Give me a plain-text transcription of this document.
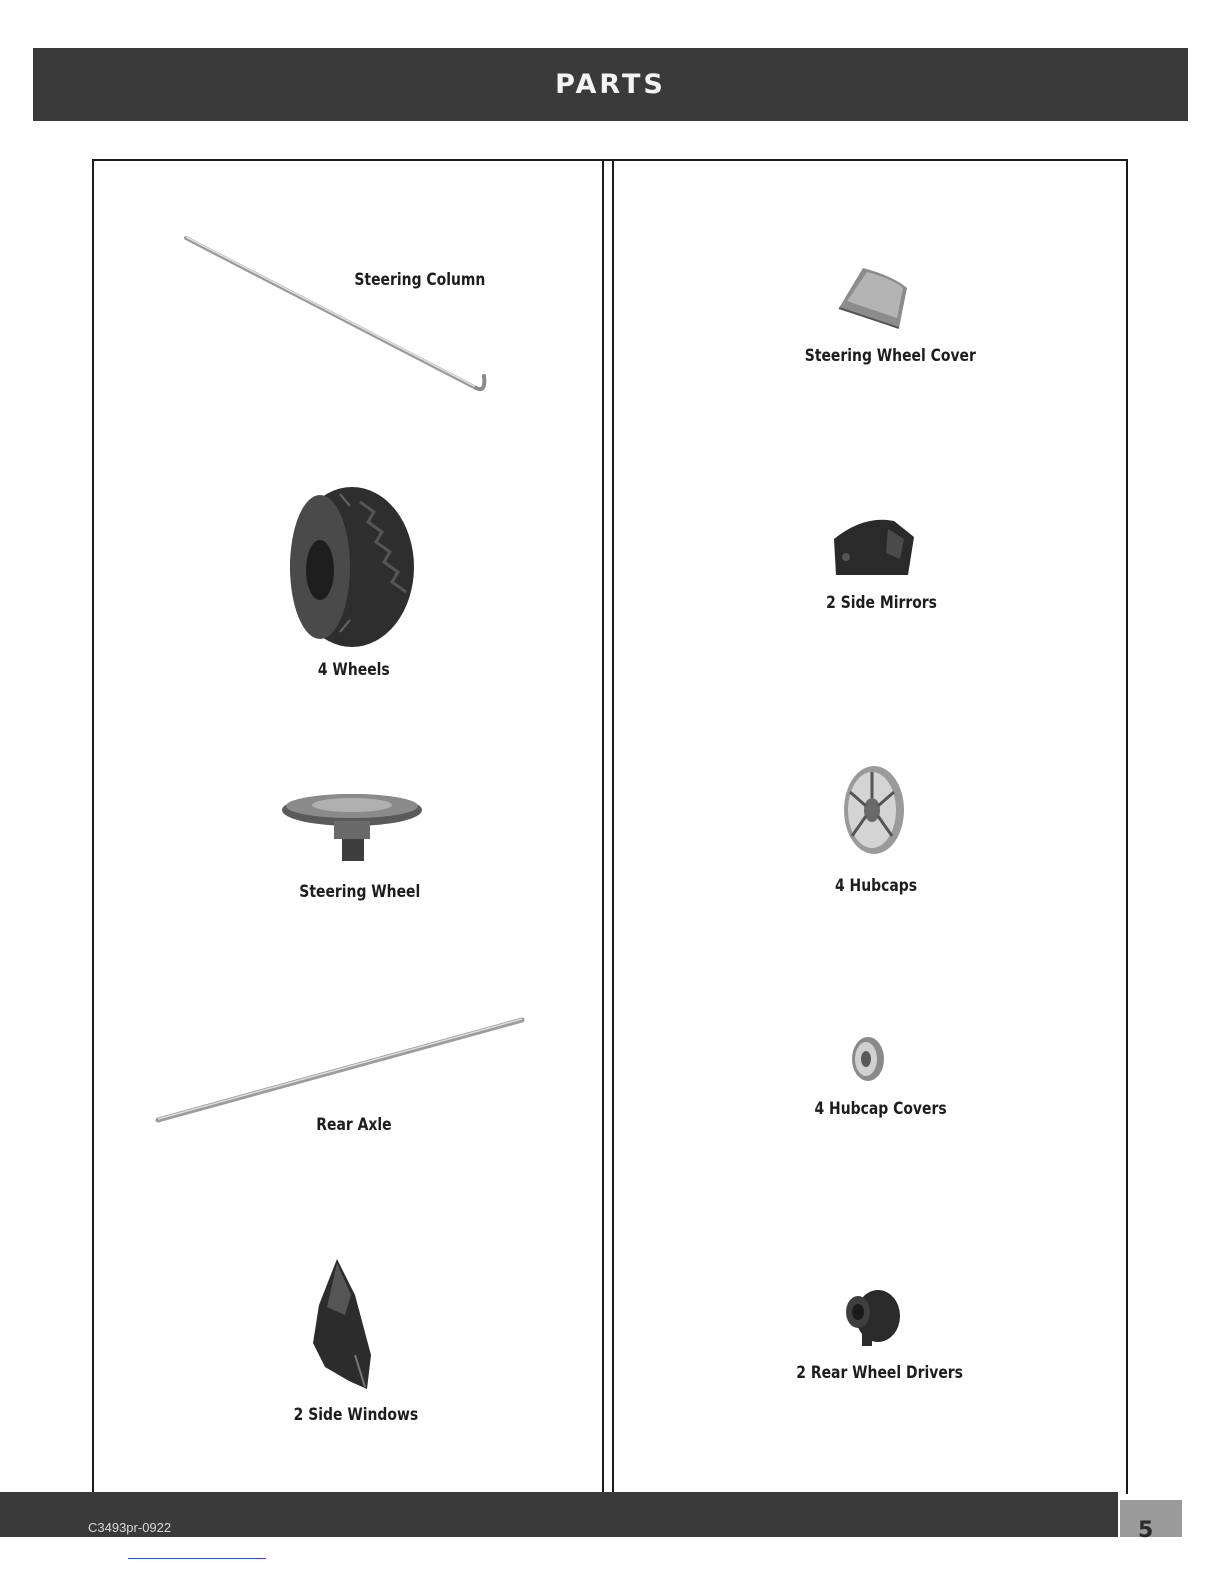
PARTS
Steering Column
4 Wheels
Steering Wheel
Rear Axle
2 Side Windows
Steering Wheel Cover
2 Side Mirrors
4 Hubcaps
4 Hubcap Covers
2 Rear Wheel Drivers
C3493pr-0922	5
